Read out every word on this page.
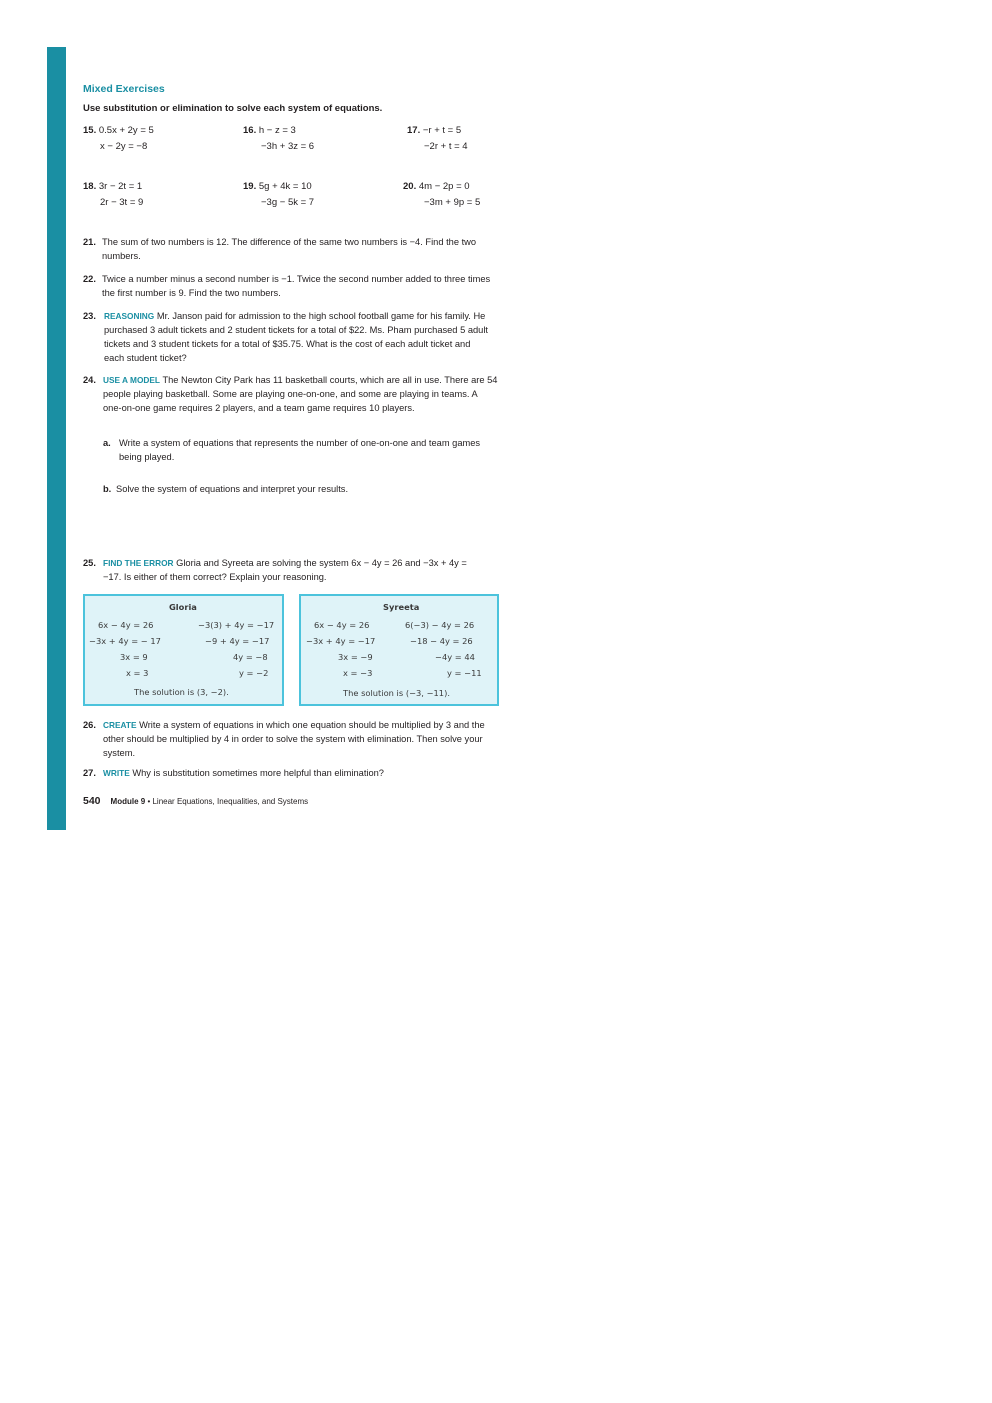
Mixed Exercises
Use substitution or elimination to solve each system of equations.
15. 0.5x + 2y = 5
x − 2y = −8
16. h − z = 3
−3h + 3z = 6
17. −r + t = 5
−2r + t = 4
18. 3r − 2t = 1
2r − 3t = 9
19. 5g + 4k = 10
−3g − 5k = 7
20. 4m − 2p = 0
−3m + 9p = 5
21. The sum of two numbers is 12. The difference of the same two numbers is −4. Find the two numbers.
22. Twice a number minus a second number is −1. Twice the second number added to three times the first number is 9. Find the two numbers.
23. REASONING Mr. Janson paid for admission to the high school football game for his family. He purchased 3 adult tickets and 2 student tickets for a total of $22. Ms. Pham purchased 5 adult tickets and 3 student tickets for a total of $35.75. What is the cost of each adult ticket and each student ticket?
24. USE A MODEL The Newton City Park has 11 basketball courts, which are all in use. There are 54 people playing basketball. Some are playing one-on-one, and some are playing in teams. A one-on-one game requires 2 players, and a team game requires 10 players.
a. Write a system of equations that represents the number of one-on-one and team games being played.
b. Solve the system of equations and interpret your results.
25. FIND THE ERROR Gloria and Syreeta are solving the system 6x − 4y = 26 and −3x + 4y = −17. Is either of them correct? Explain your reasoning.
Gloria
6x − 4y = 26
−3x + 4y = − 17
3x = 9
x = 3
−3(3) + 4y = −17
−9 + 4y = −17
4y = −8
y = −2
The solution is (3, −2).
Syreeta
6x − 4y = 26
−3x + 4y = −17
3x = −9
x = −3
6(−3) − 4y = 26
−18 − 4y = 26
−4y = 44
y = −11
The solution is (−3, −11).
26. CREATE Write a system of equations in which one equation should be multiplied by 3 and the other should be multiplied by 4 in order to solve the system with elimination. Then solve your system.
27. WRITE Why is substitution sometimes more helpful than elimination?
540 Module 9 • Linear Equations, Inequalities, and Systems
